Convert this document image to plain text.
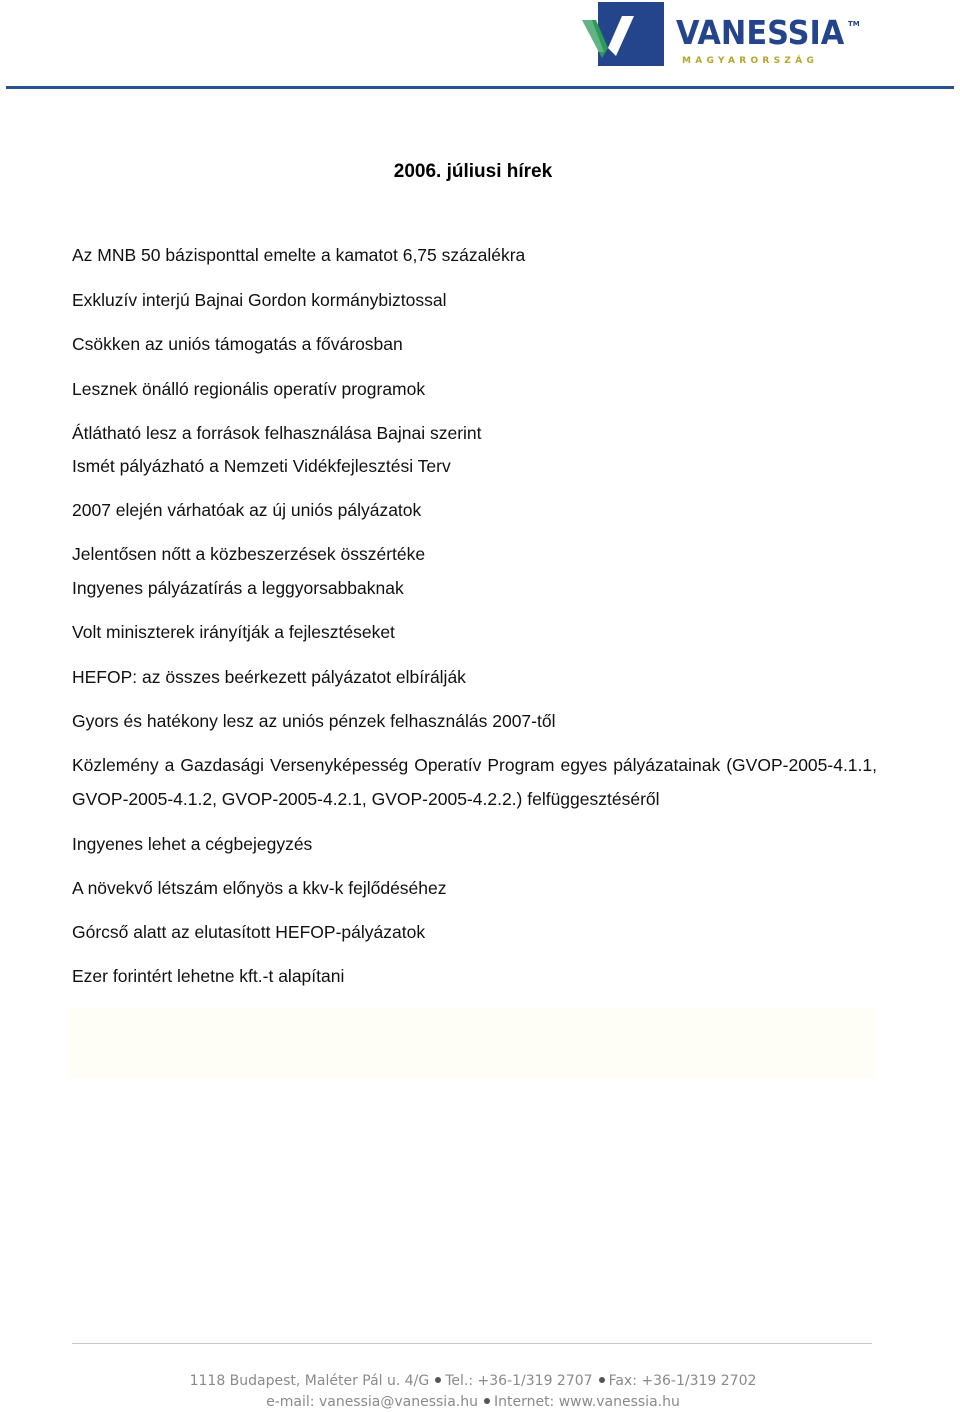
VANESSIA TM
MAGYARORSZÁG
2006. júliusi hírek
Az MNB 50 bázisponttal emelte a kamatot 6,75 százalékra
Exkluzív interjú Bajnai Gordon kormánybiztossal
Csökken az uniós támogatás a fővárosban
Lesznek önálló regionális operatív programok
Átlátható lesz a források felhasználása Bajnai szerint
Ismét pályázható a Nemzeti Vidékfejlesztési Terv
2007 elején várhatóak az új uniós pályázatok
Jelentősen nőtt a közbeszerzések összértéke
Ingyenes pályázatírás a leggyorsabbaknak
Volt miniszterek irányítják a fejlesztéseket
HEFOP: az összes beérkezett pályázatot elbírálják
Gyors és hatékony lesz az uniós pénzek felhasználás 2007-től
Közlemény a Gazdasági Versenyképesség Operatív Program egyes pályázatainak (GVOP-2005-4.1.1, GVOP-2005-4.1.2, GVOP-2005-4.2.1, GVOP-2005-4.2.2.) felfüggesztéséről
Ingyenes lehet a cégbejegyzés
A növekvő létszám előnyös a kkv-k fejlődéséhez
Górcső alatt az elutasított HEFOP-pályázatok
Ezer forintért lehetne kft.-t alapítani
1118 Budapest, Maléter Pál u. 4/G Tel.: +36-1/319 2707 Fax: +36-1/319 2702
e-mail: vanessia@vanessia.hu Internet: www.vanessia.hu
